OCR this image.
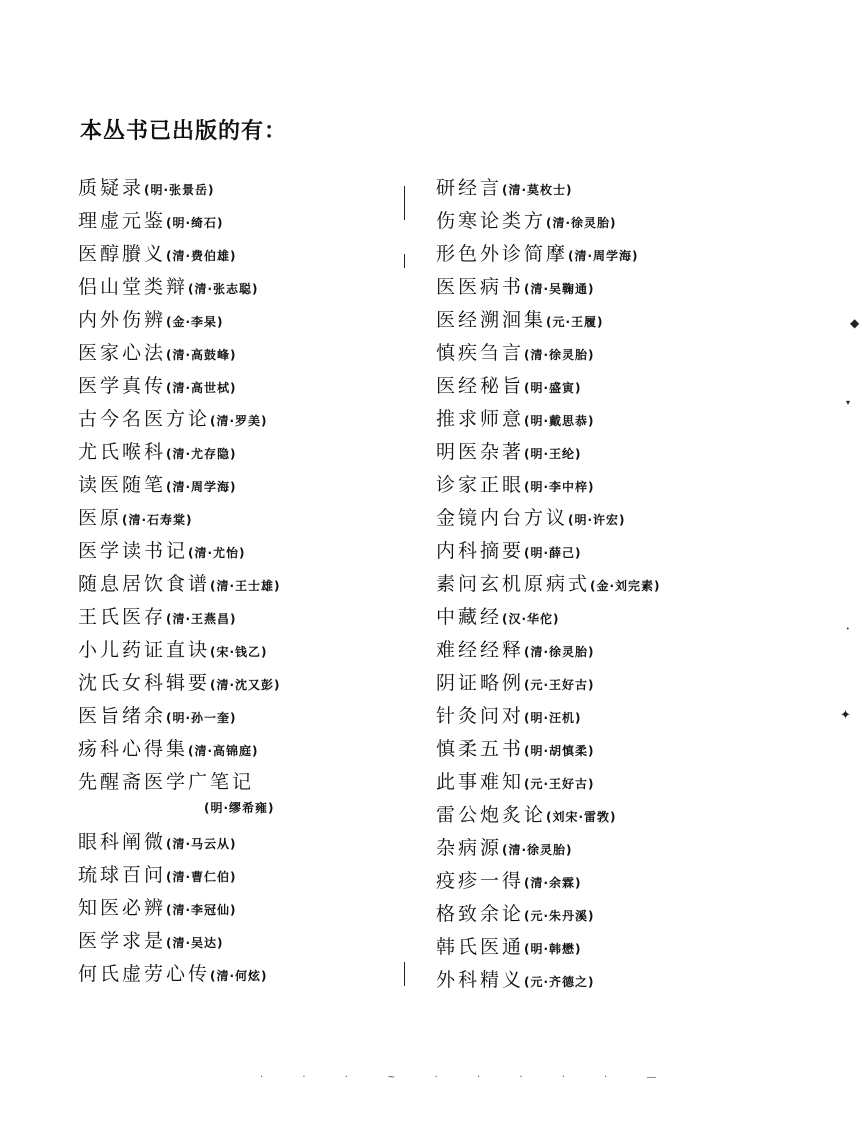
本丛书已出版的有：
◆
▾
•
✦
· · · ~ · · · · · —
质疑录(明·张景岳)
理虚元鉴(明·绮石)
医醇賸义(清·费伯雄)
侣山堂类辩(清·张志聪)
内外伤辨(金·李杲)
医家心法(清·高鼓峰)
医学真传(清·高世栻)
古今名医方论(清·罗美)
尤氏喉科(清·尤存隐)
读医随笔(清·周学海)
医原(清·石寿棠)
医学读书记(清·尤怡)
随息居饮食谱(清·王士雄)
王氏医存(清·王燕昌)
小儿药证直诀(宋·钱乙)
沈氏女科辑要(清·沈又彭)
医旨绪余(明·孙一奎)
疡科心得集(清·高锦庭)
先醒斋医学广笔记
(明·缪希雍)
眼科阐微(清·马云从)
琉球百问(清·曹仁伯)
知医必辨(清·李冠仙)
医学求是(清·吴达)
何氏虚劳心传(清·何炫)
研经言(清·莫枚士)
伤寒论类方(清·徐灵胎)
形色外诊简摩(清·周学海)
医医病书(清·吴鞠通)
医经溯洄集(元·王履)
慎疾刍言(清·徐灵胎)
医经秘旨(明·盛寅)
推求师意(明·戴思恭)
明医杂著(明·王纶)
诊家正眼(明·李中梓)
金镜内台方议(明·许宏)
内科摘要(明·薛己)
素问玄机原病式(金·刘完素)
中藏经(汉·华佗)
难经经释(清·徐灵胎)
阴证略例(元·王好古)
针灸问对(明·汪机)
慎柔五书(明·胡慎柔)
此事难知(元·王好古)
雷公炮炙论(刘宋·雷敩)
杂病源(清·徐灵胎)
疫疹一得(清·余霖)
格致余论(元·朱丹溪)
韩氏医通(明·韩懋)
外科精义(元·齐德之)
